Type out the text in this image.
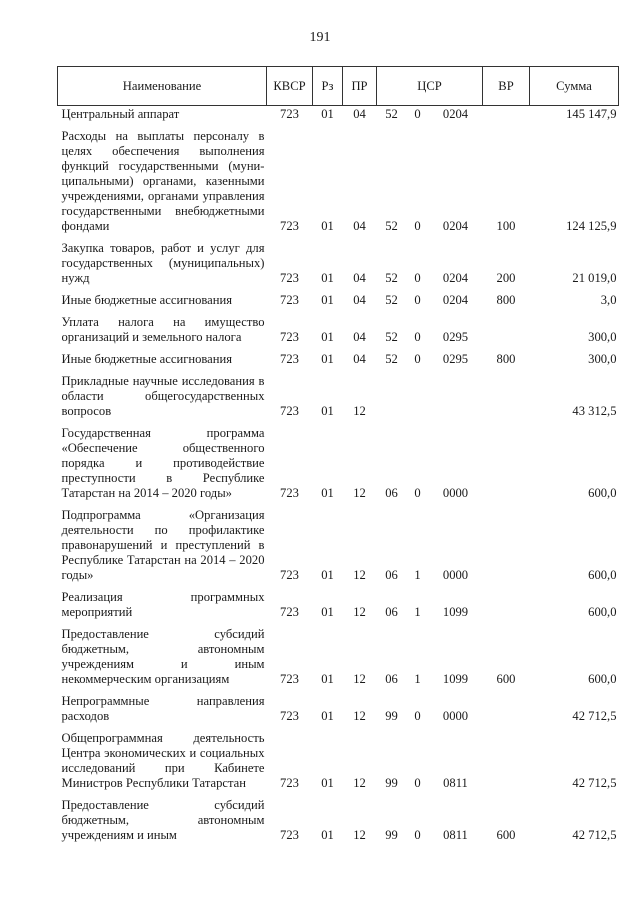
191
Наименование	КВСР	Рз	ПР	ЦСР			ВР	Сумма
Центральный аппарат	723	01	04	52	0	0204		145 147,9
Расходы на выплаты персоналу в целях обеспечения выполнения функций государственными (муни-ципальными) органами, казенными учреждениями, органами управления государственными внебюджетными фондами	723	01	04	52	0	0204	100	124 125,9
Закупка товаров, работ и услуг для государственных (муниципальных) нужд	723	01	04	52	0	0204	200	21 019,0
Иные бюджетные ассигнования	723	01	04	52	0	0204	800	3,0
Уплата налога на имущество организаций и земельного налога	723	01	04	52	0	0295		300,0
Иные бюджетные ассигнования	723	01	04	52	0	0295	800	300,0
Прикладные научные исследования в области общегосударственных вопросов	723	01	12					43 312,5
Государственная программа «Обеспечение общественного порядка и противодействие преступности в Республике Татарстан на 2014 – 2020 годы»	723	01	12	06	0	0000		600,0
Подпрограмма «Организация деятельности по профилактике правонарушений и преступлений в Республике Татарстан на 2014 – 2020 годы»	723	01	12	06	1	0000		600,0
Реализация программных мероприятий	723	01	12	06	1	1099		600,0
Предоставление субсидий бюджетным, автономным учреждениям и иным некоммерческим организациям	723	01	12	06	1	1099	600	600,0
Непрограммные направления расходов	723	01	12	99	0	0000		42 712,5
Общепрограммная деятельность Центра экономических и социальных исследований при Кабинете Министров Республики Татарстан	723	01	12	99	0	0811		42 712,5
Предоставление субсидий бюджетным, автономным учреждениям и иным	723	01	12	99	0	0811	600	42 712,5
